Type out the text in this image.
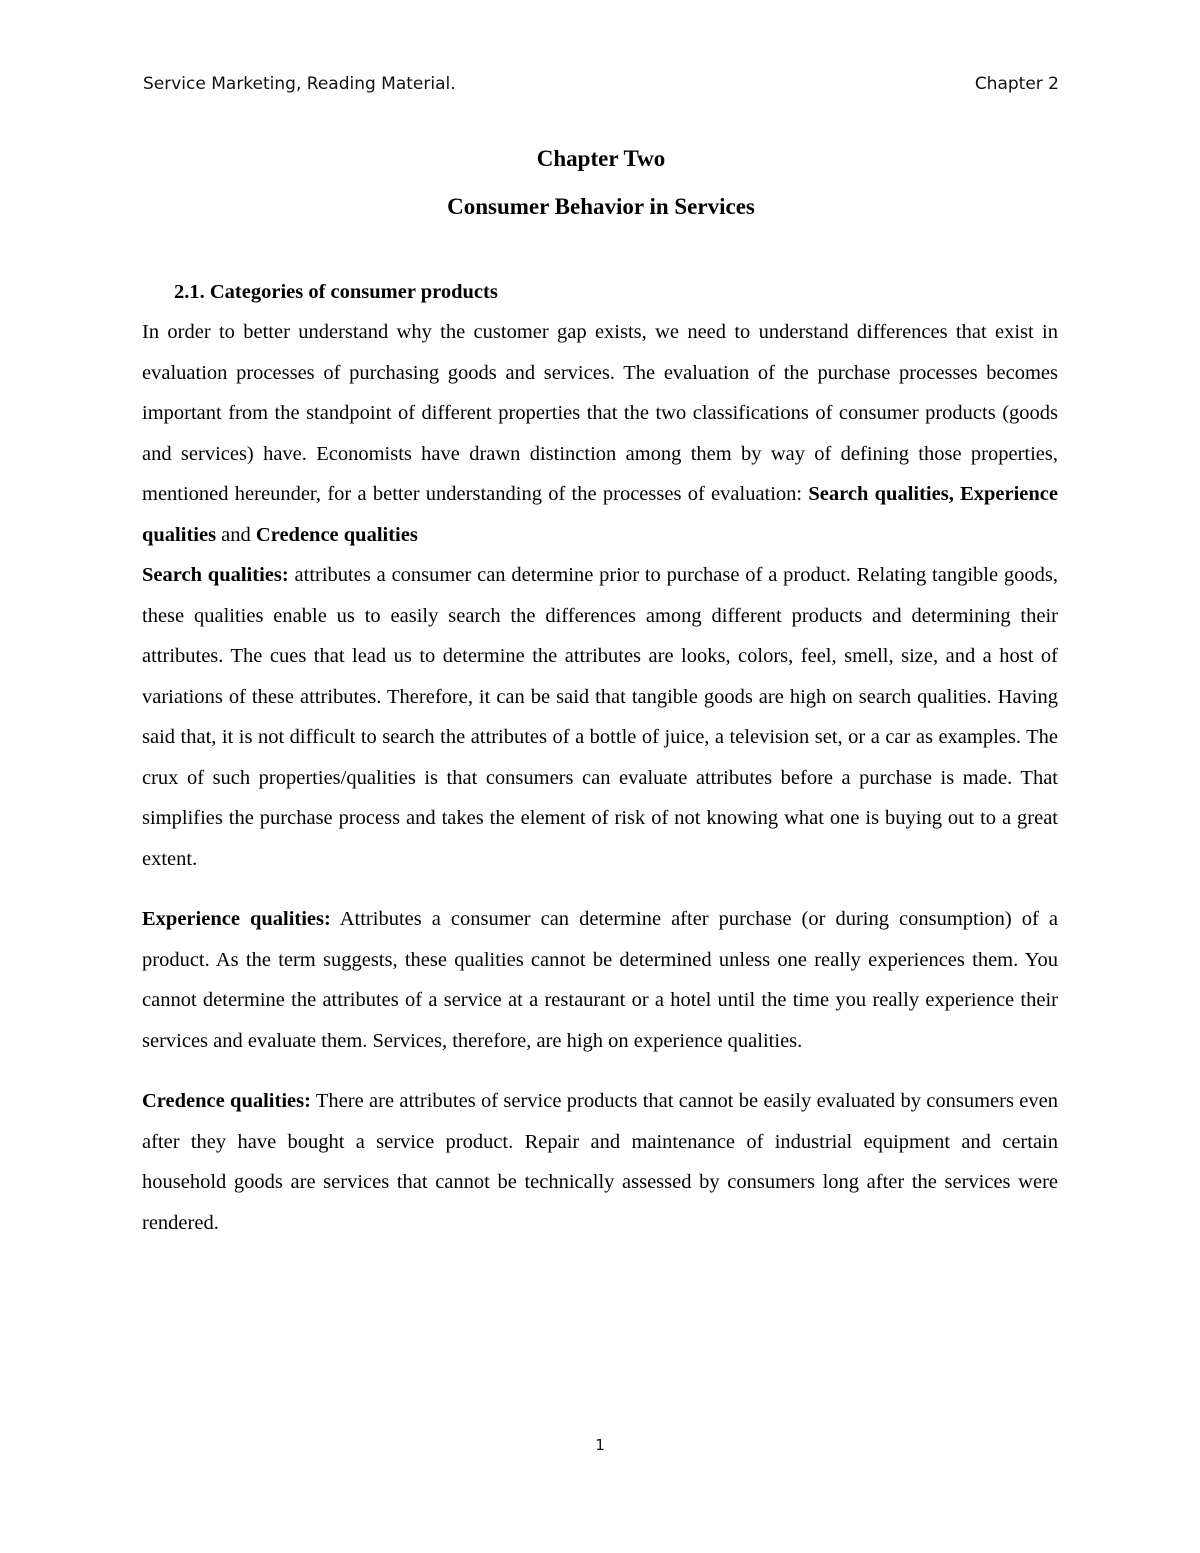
Service Marketing, Reading Material.	Chapter 2
Chapter Two
Consumer Behavior in Services
2.1. Categories of consumer products

In order to better understand why the customer gap exists, we need to understand differences that exist in evaluation processes of purchasing goods and services. The evaluation of the purchase processes becomes important from the standpoint of different properties that the two classifications of consumer products (goods and services) have. Economists have drawn distinction among them by way of defining those properties, mentioned hereunder, for a better understanding of the processes of evaluation: Search qualities, Experience qualities and Credence qualities

Search qualities: attributes a consumer can determine prior to purchase of a product. Relating tangible goods, these qualities enable us to easily search the differences among different products and determining their attributes. The cues that lead us to determine the attributes are looks, colors, feel, smell, size, and a host of variations of these attributes. Therefore, it can be said that tangible goods are high on search qualities. Having said that, it is not difficult to search the attributes of a bottle of juice, a television set, or a car as examples. The crux of such properties/qualities is that consumers can evaluate attributes before a purchase is made. That simplifies the purchase process and takes the element of risk of not knowing what one is buying out to a great extent.

Experience qualities: Attributes a consumer can determine after purchase (or during consumption) of a product. As the term suggests, these qualities cannot be determined unless one really experiences them. You cannot determine the attributes of a service at a restaurant or a hotel until the time you really experience their services and evaluate them. Services, therefore, are high on experience qualities.

Credence qualities: There are attributes of service products that cannot be easily evaluated by consumers even after they have bought a service product. Repair and maintenance of industrial equipment and certain household goods are services that cannot be technically assessed by consumers long after the services were rendered.

1
